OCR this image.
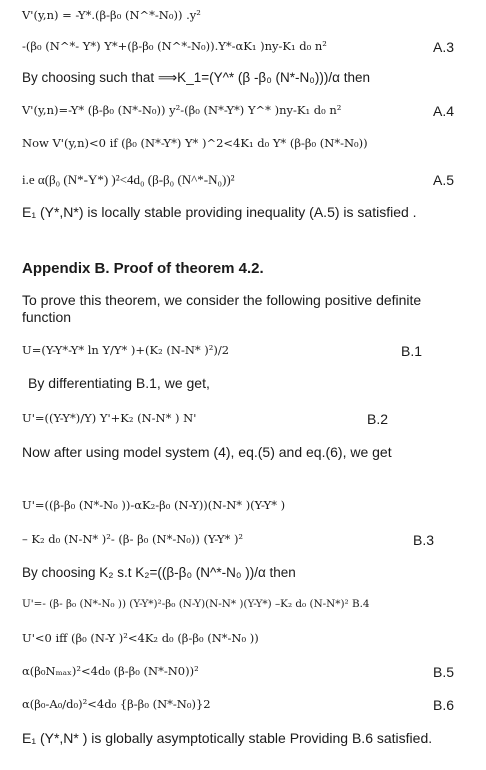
V'(y,n) = -Y*.(β-β₀ (N^*-N₀)) .y²
-(β₀ (N^*- Y*) Y*+(β-β₀ (N^*-N₀)).Y*-αK₁ )ny-K₁ d₀ n²	A.3
By choosing such that ⟹K_1=(Y^* (β -β₀ (N*-N₀)))/α then
V'(y,n)=-Y* (β-β₀ (N*-N₀)) y²-(β₀ (N*-Y*) Y^* )ny-K₁ d₀ n²	A.4
Now V'(y,n)<0 if (β₀ (N*-Y*) Y* )^2<4K₁ d₀ Y* (β-β₀ (N*-N₀))
i.e α(β₀ (N*-Y*) )²<4d₀ (β-β₀ (N^*-N₀))²	A.5
E₁ (Y*,N*) is locally stable providing inequality (A.5) is satisfied .
Appendix B. Proof of theorem 4.2.
To prove this theorem, we consider the following positive definite function
U=(Y-Y*-Y* ln Y/Y* )+(K₂ (N-N* )²)/2	B.1
By differentiating B.1, we get,
U'=((Y-Y*)/Y) Y'+K₂ (N-N* ) N'	B.2
Now after using model system (4), eq.(5) and eq.(6), we get
U'=((β-β₀ (N*-N₀ ))-αK₂-β₀ (N-Y))(N-N* )(Y-Y* )
– K₂ d₀ (N-N* )²- (β- β₀ (N*-N₀)) (Y-Y* )²	B.3
By choosing K₂ s.t K₂=((β-β₀ (N^*-N₀ ))/α then
U'=- (β- β₀ (N*-N₀ )) (Y-Y*)²-β₀ (N-Y)(N-N* )(Y-Y*) –K₂ d₀ (N-N*)² B.4
U'<0 iff (β₀ (N-Y )²<4K₂ d₀ (β-β₀ (N*-N₀ ))
α(β₀Nₘₐₓ)²<4d₀ (β-β₀ (N*-N0))²	B.5
α(β₀-A₀/d₀)²<4d₀ {β-β₀ (N*-N₀)}2	B.6
E₁ (Y*,N* ) is globally asymptotically stable Providing B.6 satisfied.
